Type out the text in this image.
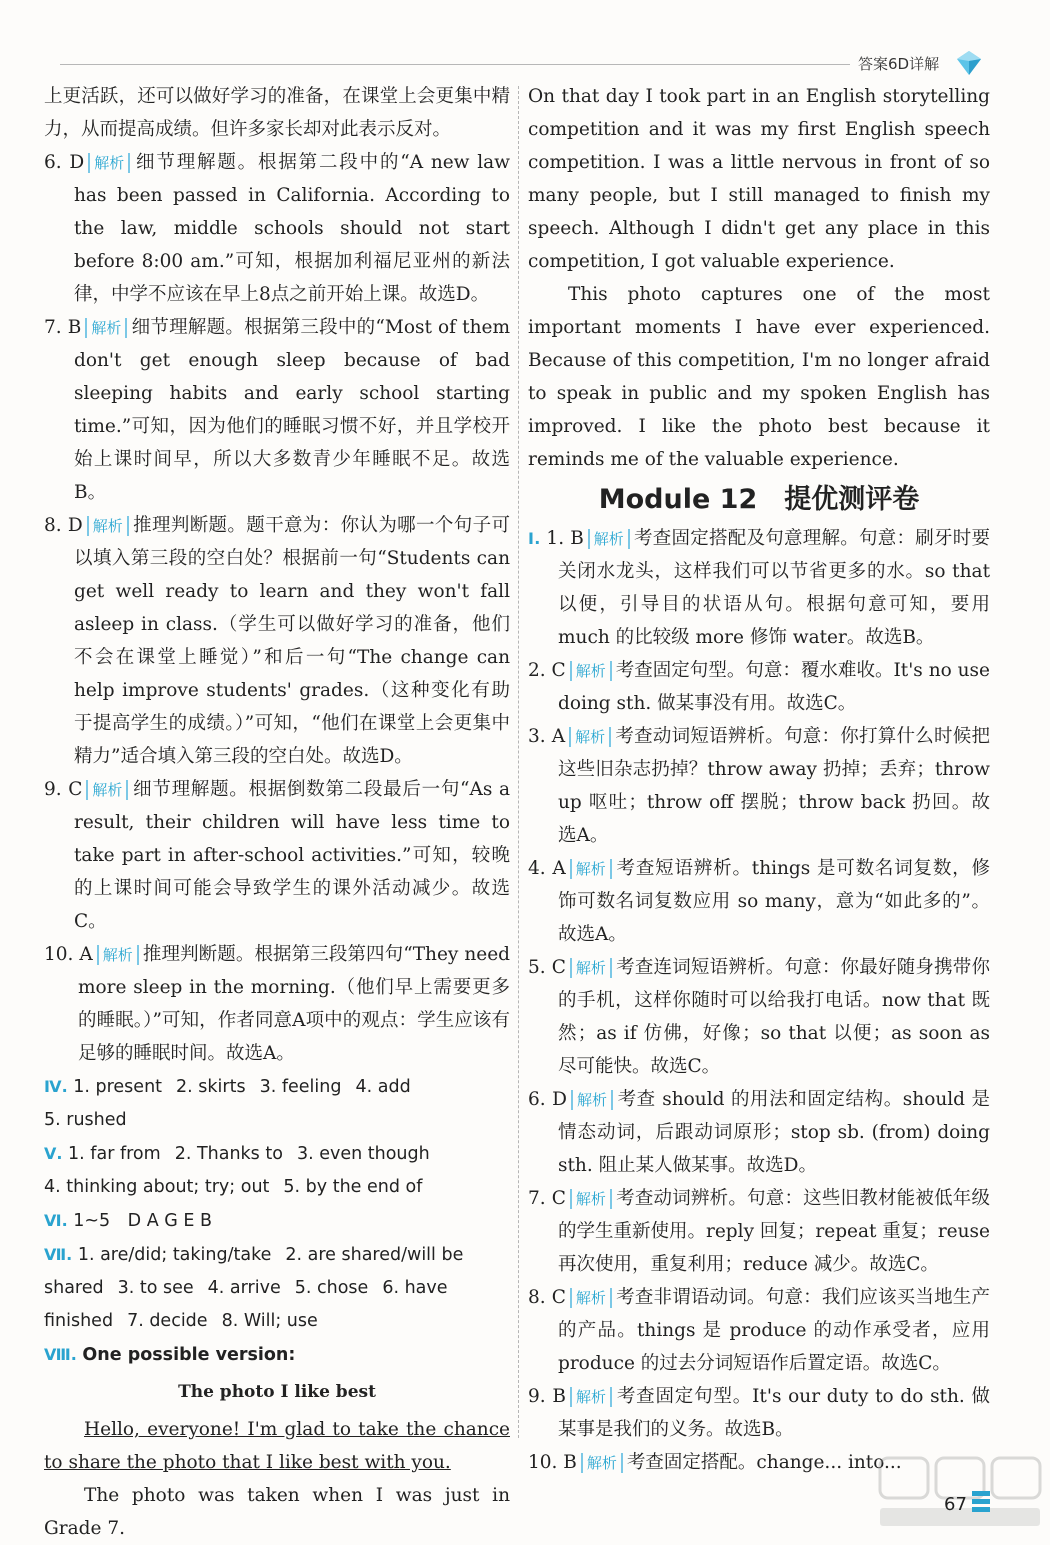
答案6D详解
上更活跃，还可以做好学习的准备，在课堂上会更集中精力，从而提高成绩。但许多家长却对此表示反对。
6. D 解析 细节理解题。根据第二段中的“A new law has been passed in California. According to the law, middle schools should not start before 8:00 am.”可知，根据加利福尼亚州的新法律，中学不应该在早上8点之前开始上课。故选D。
7. B 解析 细节理解题。根据第三段中的“Most of them don't get enough sleep because of bad sleeping habits and early school starting time.”可知，因为他们的睡眠习惯不好，并且学校开始上课时间早，所以大多数青少年睡眠不足。故选B。
8. D 解析 推理判断题。题干意为：你认为哪一个句子可以填入第三段的空白处？根据前一句“Students can get well ready to learn and they won't fall asleep in class.（学生可以做好学习的准备，他们不会在课堂上睡觉）”和后一句“The change can help improve students' grades.（这种变化有助于提高学生的成绩。）”可知，“他们在课堂上会更集中精力”适合填入第三段的空白处。故选D。
9. C 解析 细节理解题。根据倒数第二段最后一句“As a result, their children will have less time to take part in after-school activities.”可知，较晚的上课时间可能会导致学生的课外活动减少。故选C。
10. A 解析 推理判断题。根据第三段第四句“They need more sleep in the morning.（他们早上需要更多的睡眠。）”可知，作者同意A项中的观点：学生应该有足够的睡眠时间。故选A。
Ⅳ. 1. present 2. skirts 3. feeling 4. add
5. rushed
Ⅴ. 1. far from 2. Thanks to 3. even though
4. thinking about; try; out 5. by the end of
Ⅵ. 1~5　D A G E B
Ⅶ. 1. are/did; taking/take 2. are shared/will be shared 3. to see 4. arrive 5. chose 6. have finished 7. decide 8. Will; use
Ⅷ. One possible version:
The photo I like best
Hello, everyone! I'm glad to take the chance to share the photo that I like best with you.
The photo was taken when I was just in Grade 7.
On that day I took part in an English storytelling competition and it was my first English speech competition. I was a little nervous in front of so many people, but I still managed to finish my speech. Although I didn't get any place in this competition, I got valuable experience.
This photo captures one of the most important moments I have ever experienced. Because of this competition, I'm no longer afraid to speak in public and my spoken English has improved. I like the photo best because it reminds me of the valuable experience.
Module 12　提优测评卷
Ⅰ. 1. B 解析 考查固定搭配及句意理解。句意：刷牙时要关闭水龙头，这样我们可以节省更多的水。so that 以便，引导目的状语从句。根据句意可知，要用 much 的比较级 more 修饰 water。故选B。
2. C 解析 考查固定句型。句意：覆水难收。It's no use doing sth. 做某事没有用。故选C。
3. A 解析 考查动词短语辨析。句意：你打算什么时候把这些旧杂志扔掉？throw away 扔掉；丢弃；throw up 呕吐；throw off 摆脱；throw back 扔回。故选A。
4. A 解析 考查短语辨析。things 是可数名词复数，修饰可数名词复数应用 so many，意为“如此多的”。故选A。
5. C 解析 考查连词短语辨析。句意：你最好随身携带你的手机，这样你随时可以给我打电话。now that 既然；as if 仿佛，好像；so that 以便；as soon as 尽可能快。故选C。
6. D 解析 考查 should 的用法和固定结构。should 是情态动词，后跟动词原形；stop sb. (from) doing sth. 阻止某人做某事。故选D。
7. C 解析 考查动词辨析。句意：这些旧教材能被低年级的学生重新使用。reply 回复；repeat 重复；reuse 再次使用，重复利用；reduce 减少。故选C。
8. C 解析 考查非谓语动词。句意：我们应该买当地生产的产品。things 是 produce 的动作承受者，应用 produce 的过去分词短语作后置定语。故选C。
9. B 解析 考查固定句型。It's our duty to do sth. 做某事是我们的义务。故选B。
10. B 解析 考查固定搭配。change... into...
67
